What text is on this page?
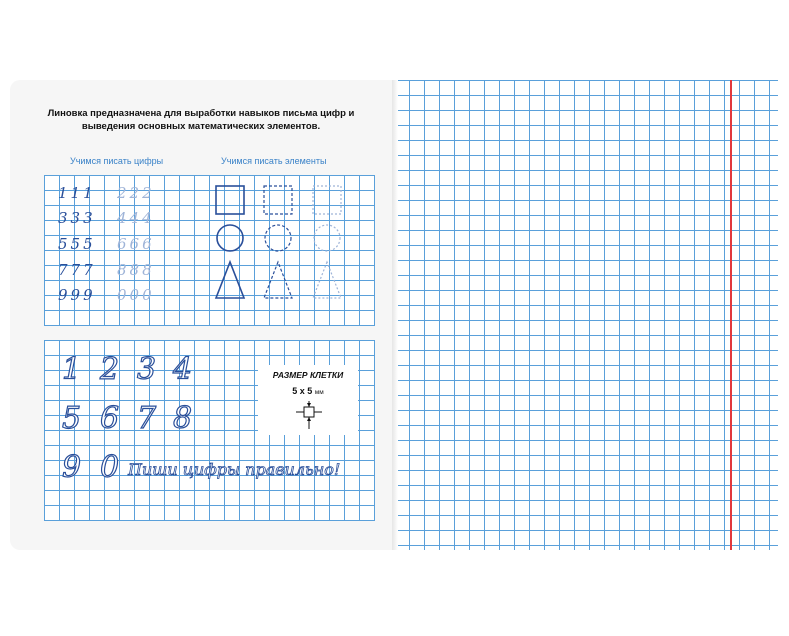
Линовка предназначена для выработки навыков письма цифр и выведения основных математических элементов.

Учимся писать цифры	Учимся писать элементы
111 222
333 444
555 666
777 888
999 000
1 2 3 4
5 6 7 8
9 0 Пиши цифры правильно!
РАЗМЕР КЛЕТКИ
5 х 5 мм
